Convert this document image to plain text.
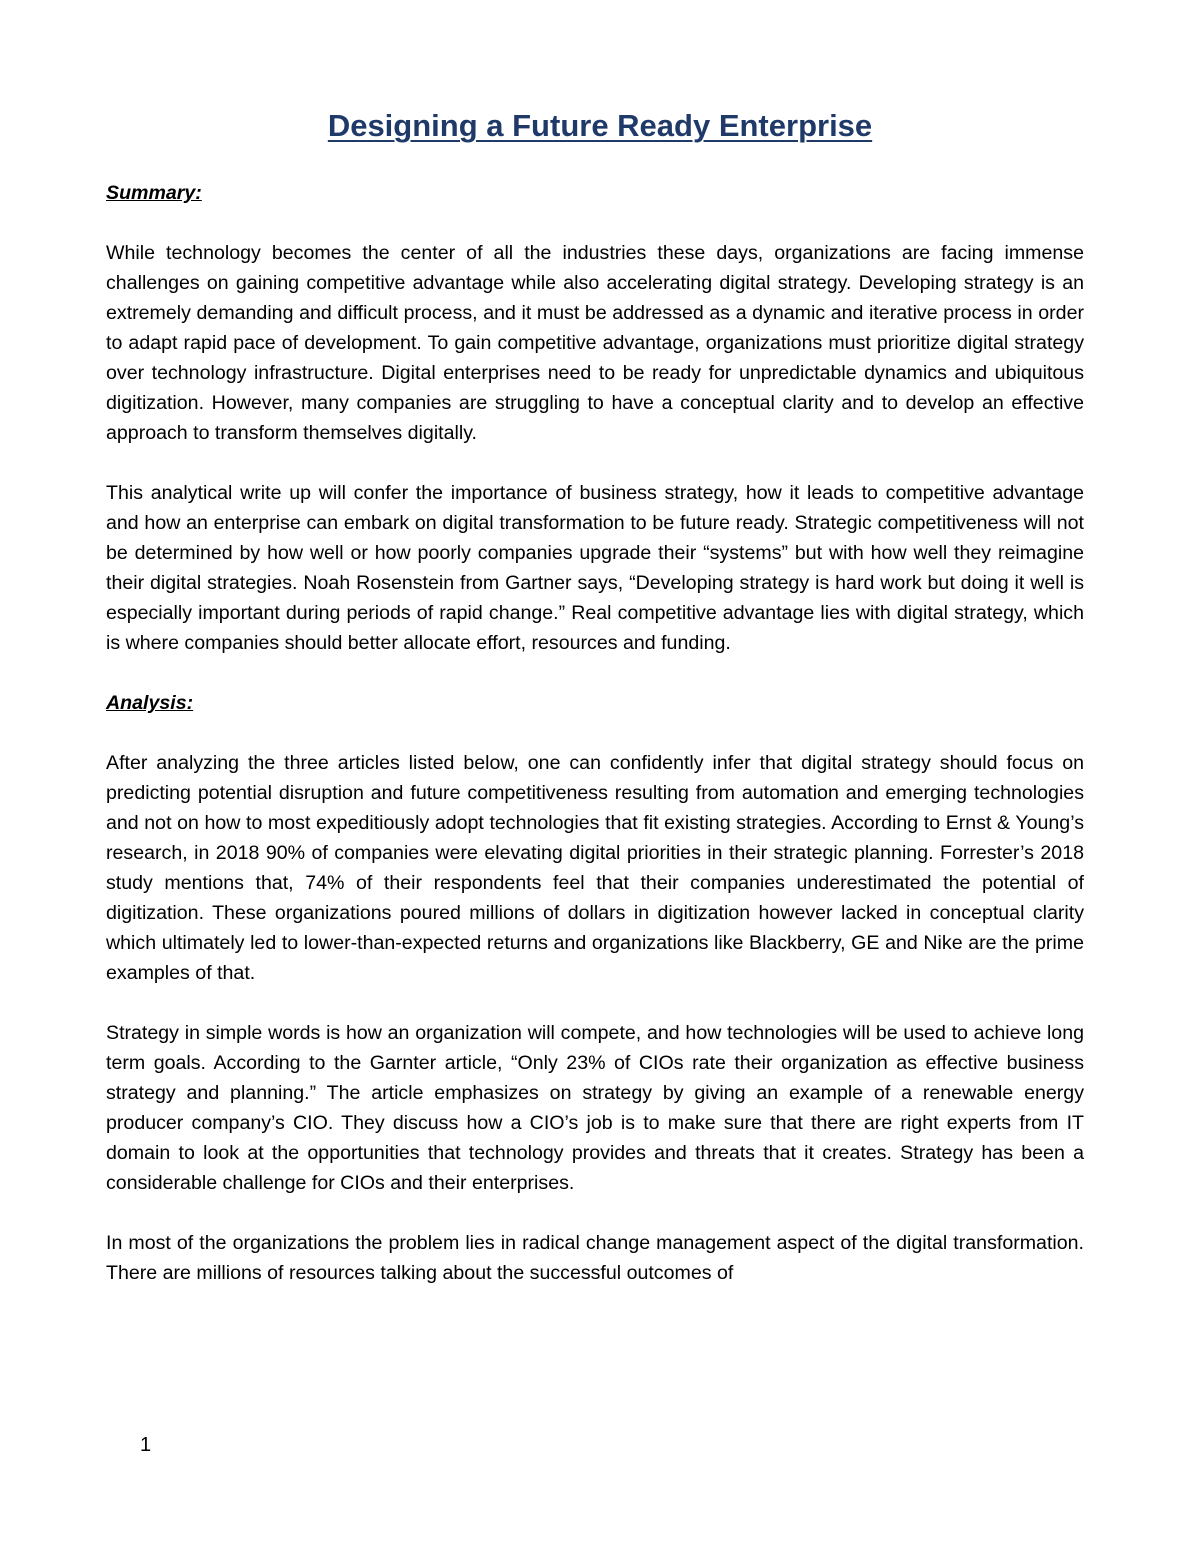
Designing a Future Ready Enterprise

Summary:

While technology becomes the center of all the industries these days, organizations are facing immense challenges on gaining competitive advantage while also accelerating digital strategy. Developing strategy is an extremely demanding and difficult process, and it must be addressed as a dynamic and iterative process in order to adapt rapid pace of development. To gain competitive advantage, organizations must prioritize digital strategy over technology infrastructure. Digital enterprises need to be ready for unpredictable dynamics and ubiquitous digitization. However, many companies are struggling to have a conceptual clarity and to develop an effective approach to transform themselves digitally.

This analytical write up will confer the importance of business strategy, how it leads to competitive advantage and how an enterprise can embark on digital transformation to be future ready. Strategic competitiveness will not be determined by how well or how poorly companies upgrade their “systems” but with how well they reimagine their digital strategies. Noah Rosenstein from Gartner says, “Developing strategy is hard work but doing it well is especially important during periods of rapid change.” Real competitive advantage lies with digital strategy, which is where companies should better allocate effort, resources and funding.

Analysis:

After analyzing the three articles listed below, one can confidently infer that digital strategy should focus on predicting potential disruption and future competitiveness resulting from automation and emerging technologies and not on how to most expeditiously adopt technologies that fit existing strategies. According to Ernst & Young’s research, in 2018 90% of companies were elevating digital priorities in their strategic planning. Forrester’s 2018 study mentions that, 74% of their respondents feel that their companies underestimated the potential of digitization. These organizations poured millions of dollars in digitization however lacked in conceptual clarity which ultimately led to lower-than-expected returns and organizations like Blackberry, GE and Nike are the prime examples of that.

Strategy in simple words is how an organization will compete, and how technologies will be used to achieve long term goals. According to the Garnter article, “Only 23% of CIOs rate their organization as effective business strategy and planning.” The article emphasizes on strategy by giving an example of a renewable energy producer company’s CIO. They discuss how a CIO’s job is to make sure that there are right experts from IT domain to look at the opportunities that technology provides and threats that it creates. Strategy has been a considerable challenge for CIOs and their enterprises.

In most of the organizations the problem lies in radical change management aspect of the digital transformation. There are millions of resources talking about the successful outcomes of

1
